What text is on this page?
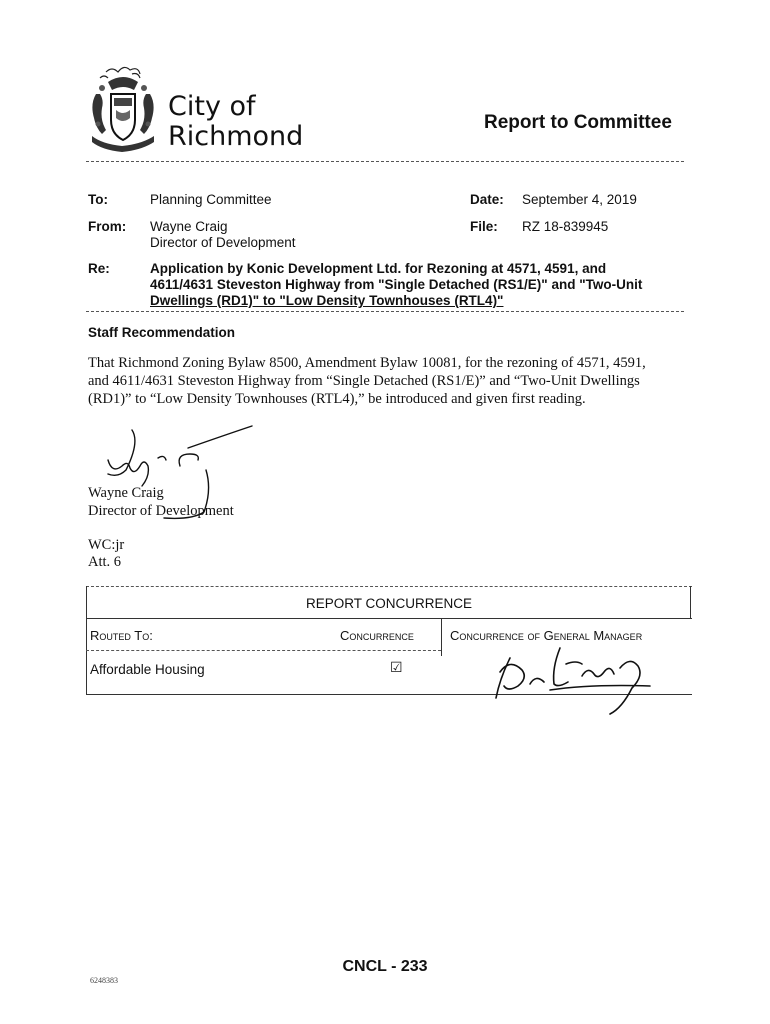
City of
Richmond	Report to Committee
To:	Planning Committee	Date: September 4, 2019
From: Wayne Craig
Director of Development
File: RZ 18-839945
Re:	Application by Konic Development Ltd. for Rezoning at 4571, 4591, and
4611/4631 Steveston Highway from "Single Detached (RS1/E)" and "Two-Unit
Dwellings (RD1)" to "Low Density Townhouses (RTL4)"
Staff Recommendation
That Richmond Zoning Bylaw 8500, Amendment Bylaw 10081, for the rezoning of 4571, 4591,
and 4611/4631 Steveston Highway from “Single Detached (RS1/E)” and “Two-Unit Dwellings
(RD1)” to “Low Density Townhouses (RTL4),” be introduced and given first reading.
Wayne Craig
Director of Development
WC:jr
Att. 6
REPORT CONCURRENCE
Routed To:	Concurrence	Concurrence of General Manager
Affordable Housing	☑
CNCL - 233
6248383
